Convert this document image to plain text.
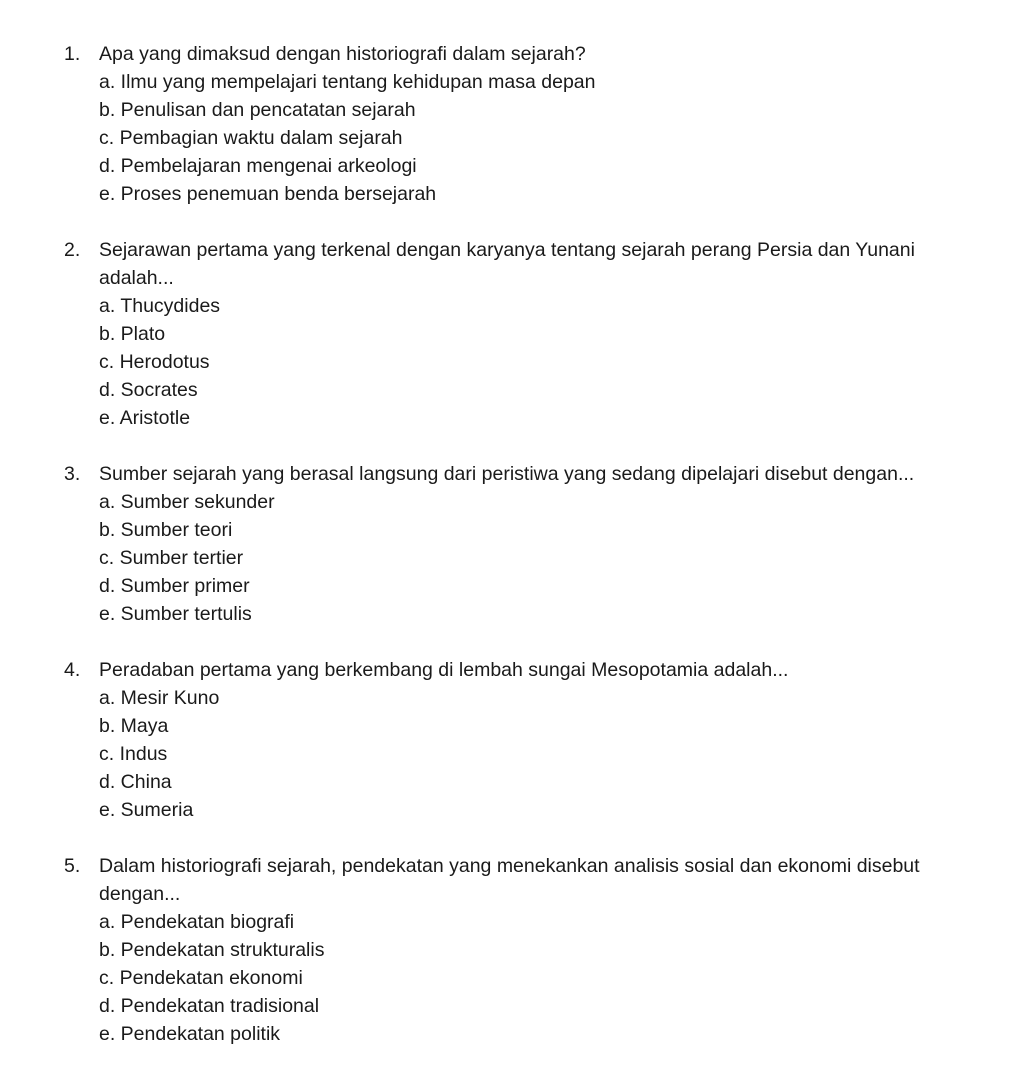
1. Apa yang dimaksud dengan historiografi dalam sejarah?
a. Ilmu yang mempelajari tentang kehidupan masa depan
b. Penulisan dan pencatatan sejarah
c. Pembagian waktu dalam sejarah
d. Pembelajaran mengenai arkeologi
e. Proses penemuan benda bersejarah
2. Sejarawan pertama yang terkenal dengan karyanya tentang sejarah perang Persia dan Yunani adalah...
a. Thucydides
b. Plato
c. Herodotus
d. Socrates
e. Aristotle
3. Sumber sejarah yang berasal langsung dari peristiwa yang sedang dipelajari disebut dengan...
a. Sumber sekunder
b. Sumber teori
c. Sumber tertier
d. Sumber primer
e. Sumber tertulis
4. Peradaban pertama yang berkembang di lembah sungai Mesopotamia adalah...
a. Mesir Kuno
b. Maya
c. Indus
d. China
e. Sumeria
5. Dalam historiografi sejarah, pendekatan yang menekankan analisis sosial dan ekonomi disebut dengan...
a. Pendekatan biografi
b. Pendekatan strukturalis
c. Pendekatan ekonomi
d. Pendekatan tradisional
e. Pendekatan politik
